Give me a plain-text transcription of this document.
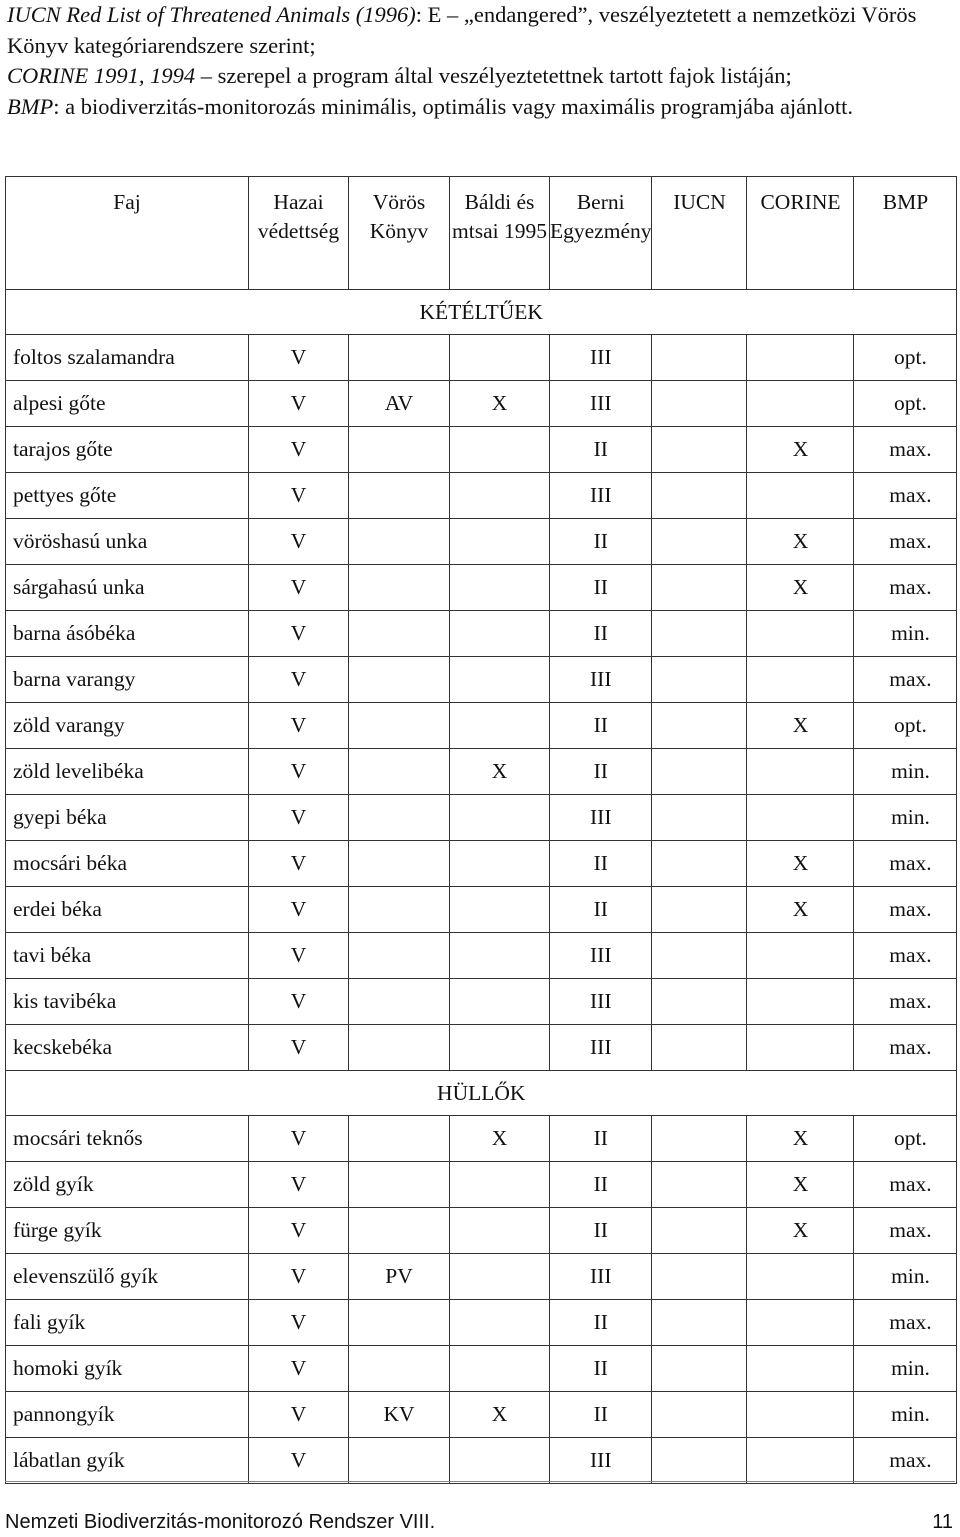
IUCN Red List of Threatened Animals (1996): E – „endangered”, veszélyeztetett a nemzetközi Vörös Könyv kategóriarendszere szerint;

CORINE 1991, 1994 – szerepel a program által veszélyeztetettnek tartott fajok listáján;

BMP: a biodiverzitás-monitorozás minimális, optimális vagy maximális programjába ajánlott.

Faj	Hazai védettség	Vörös Könyv	Báldi és mtsai 1995	Berni Egyezmény	IUCN	CORINE	BMP
KÉTÉLTŰEK							
foltos szalamandra	V			III			opt.
alpesi gőte	V	AV	X	III			opt.
tarajos gőte	V			II		X	max.
pettyes gőte	V			III			max.
vöröshasú unka	V			II		X	max.
sárgahasú unka	V			II		X	max.
barna ásóbéka	V			II			min.
barna varangy	V			III			max.
zöld varangy	V			II		X	opt.
zöld levelibéka	V		X	II			min.
gyepi béka	V			III			min.
mocsári béka	V			II		X	max.
erdei béka	V			II		X	max.
tavi béka	V			III			max.
kis tavibéka	V			III			max.
kecskebéka	V			III			max.
HÜLLŐK							
mocsári teknős	V		X	II		X	opt.
zöld gyík	V			II		X	max.
fürge gyík	V			II		X	max.
elevenszülő gyík	V	PV		III			min.
fali gyík	V			II			max.
homoki gyík	V			II			min.
pannongyík	V	KV	X	II			min.
lábatlan gyík	V			III			max.
Nemzeti Biodiverzitás-monitorozó Rendszer VIII.	11
